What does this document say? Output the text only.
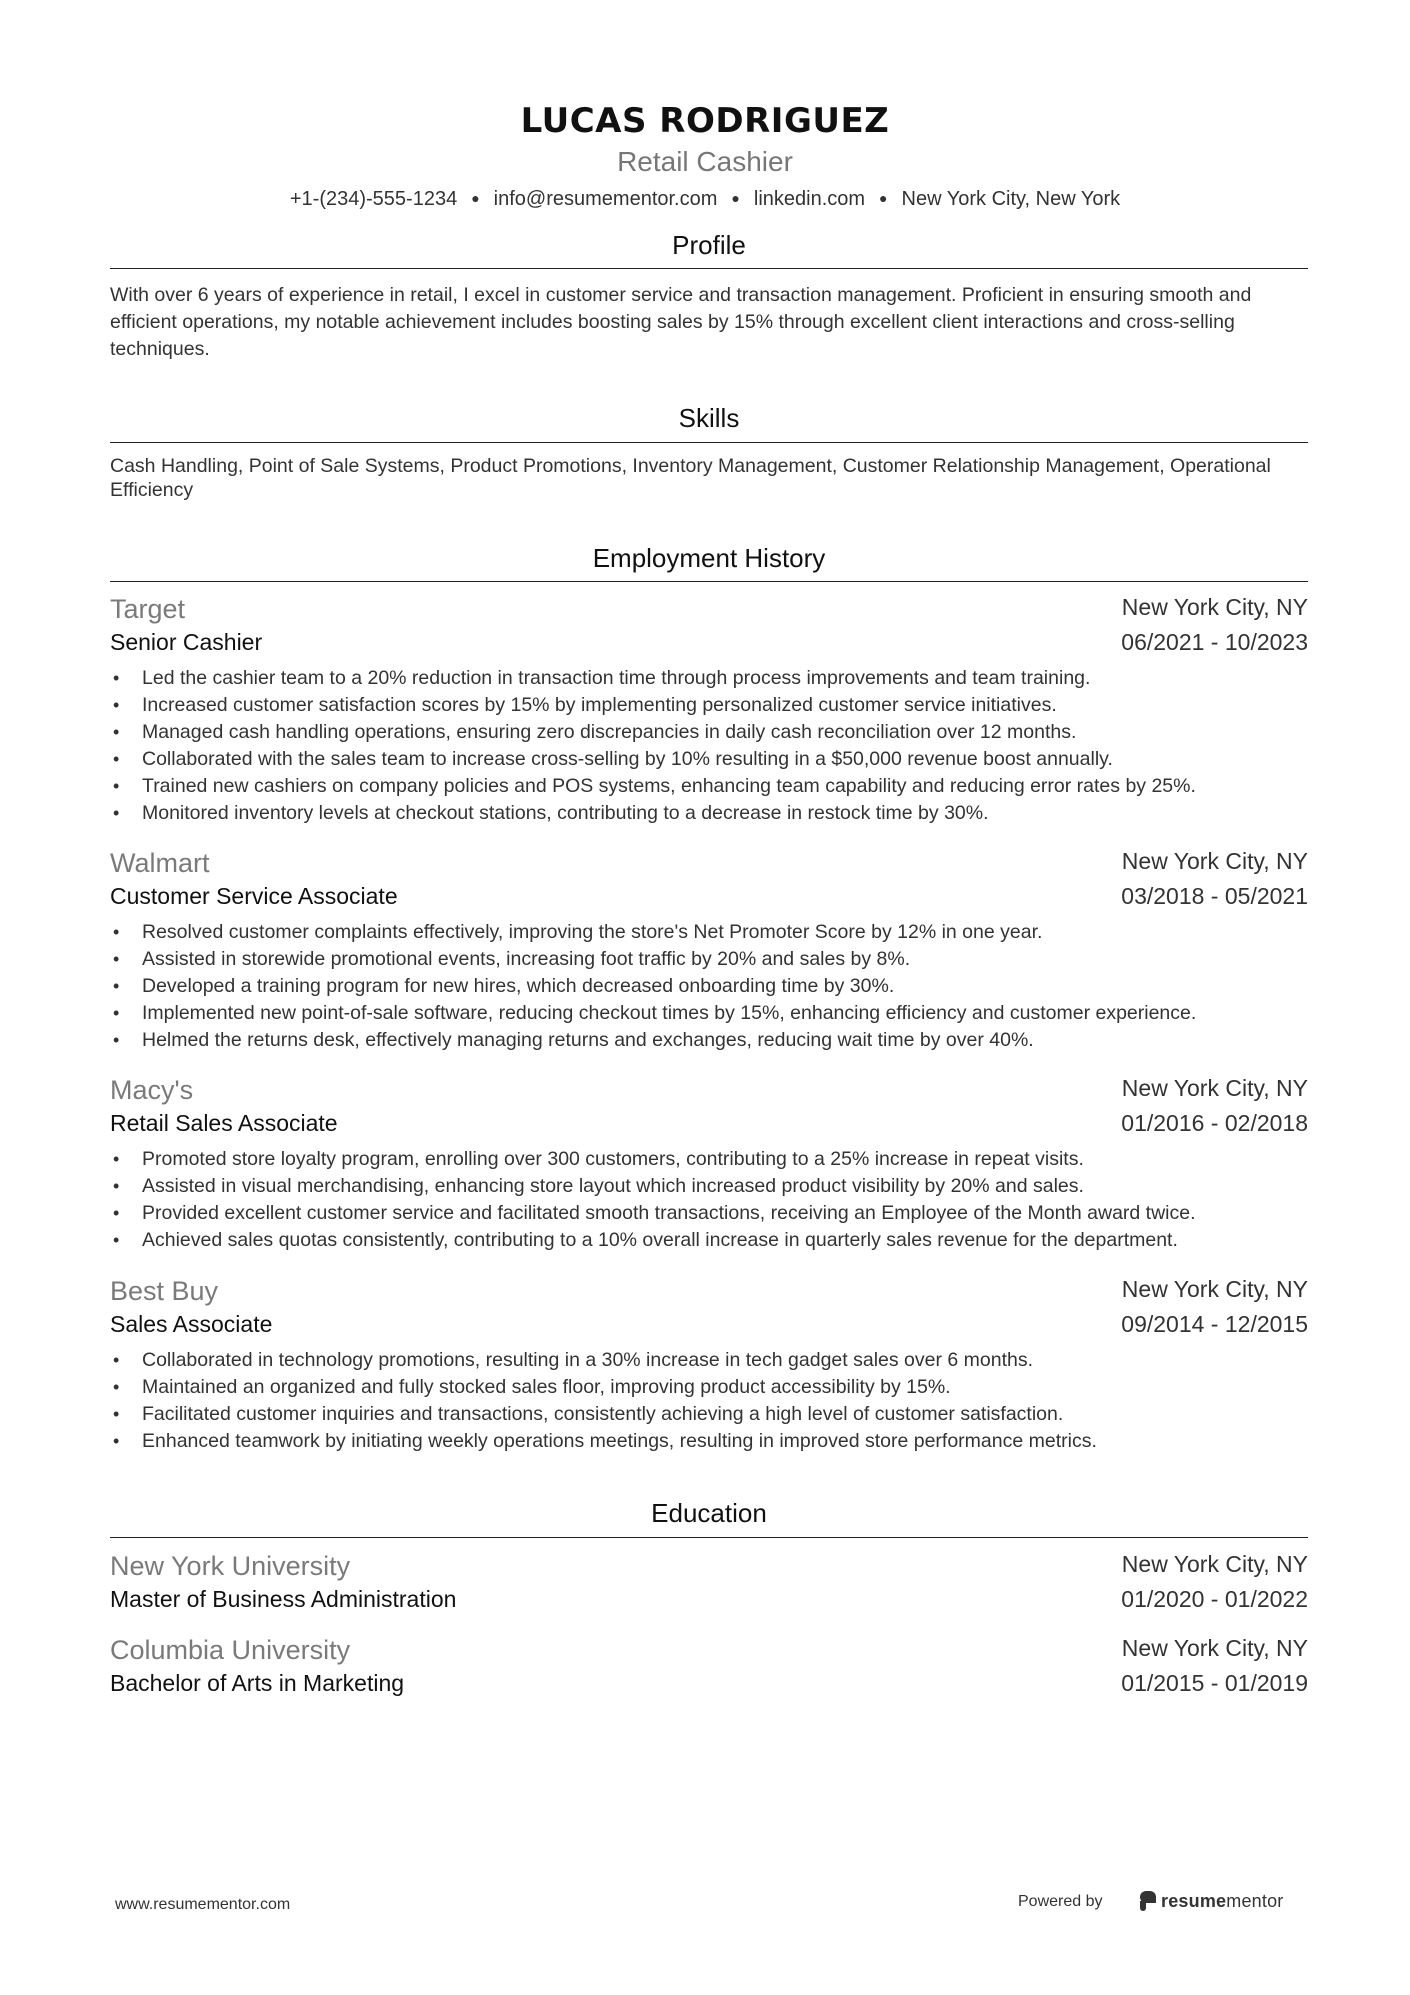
LUCAS RODRIGUEZ
Retail Cashier
+1-(234)-555-1234 ● info@resumementor.com ● linkedin.com ● New York City, New York
Profile
With over 6 years of experience in retail, I excel in customer service and transaction management. Proficient in ensuring smooth and efficient operations, my notable achievement includes boosting sales by 15% through excellent client interactions and cross-selling techniques.
Skills
Cash Handling, Point of Sale Systems, Product Promotions, Inventory Management, Customer Relationship Management, Operational Efficiency
Employment History
Target	New York City, NY
Senior Cashier	06/2021 - 10/2023
• Led the cashier team to a 20% reduction in transaction time through process improvements and team training.
• Increased customer satisfaction scores by 15% by implementing personalized customer service initiatives.
• Managed cash handling operations, ensuring zero discrepancies in daily cash reconciliation over 12 months.
• Collaborated with the sales team to increase cross-selling by 10% resulting in a $50,000 revenue boost annually.
• Trained new cashiers on company policies and POS systems, enhancing team capability and reducing error rates by 25%.
• Monitored inventory levels at checkout stations, contributing to a decrease in restock time by 30%.
Walmart	New York City, NY
Customer Service Associate	03/2018 - 05/2021
• Resolved customer complaints effectively, improving the store's Net Promoter Score by 12% in one year.
• Assisted in storewide promotional events, increasing foot traffic by 20% and sales by 8%.
• Developed a training program for new hires, which decreased onboarding time by 30%.
• Implemented new point-of-sale software, reducing checkout times by 15%, enhancing efficiency and customer experience.
• Helmed the returns desk, effectively managing returns and exchanges, reducing wait time by over 40%.
Macy's	New York City, NY
Retail Sales Associate	01/2016 - 02/2018
• Promoted store loyalty program, enrolling over 300 customers, contributing to a 25% increase in repeat visits.
• Assisted in visual merchandising, enhancing store layout which increased product visibility by 20% and sales.
• Provided excellent customer service and facilitated smooth transactions, receiving an Employee of the Month award twice.
• Achieved sales quotas consistently, contributing to a 10% overall increase in quarterly sales revenue for the department.
Best Buy	New York City, NY
Sales Associate	09/2014 - 12/2015
• Collaborated in technology promotions, resulting in a 30% increase in tech gadget sales over 6 months.
• Maintained an organized and fully stocked sales floor, improving product accessibility by 15%.
• Facilitated customer inquiries and transactions, consistently achieving a high level of customer satisfaction.
• Enhanced teamwork by initiating weekly operations meetings, resulting in improved store performance metrics.
Education
New York University	New York City, NY
Master of Business Administration	01/2020 - 01/2022
Columbia University	New York City, NY
Bachelor of Arts in Marketing	01/2015 - 01/2019
www.resumementor.com	Powered by	resumementor
